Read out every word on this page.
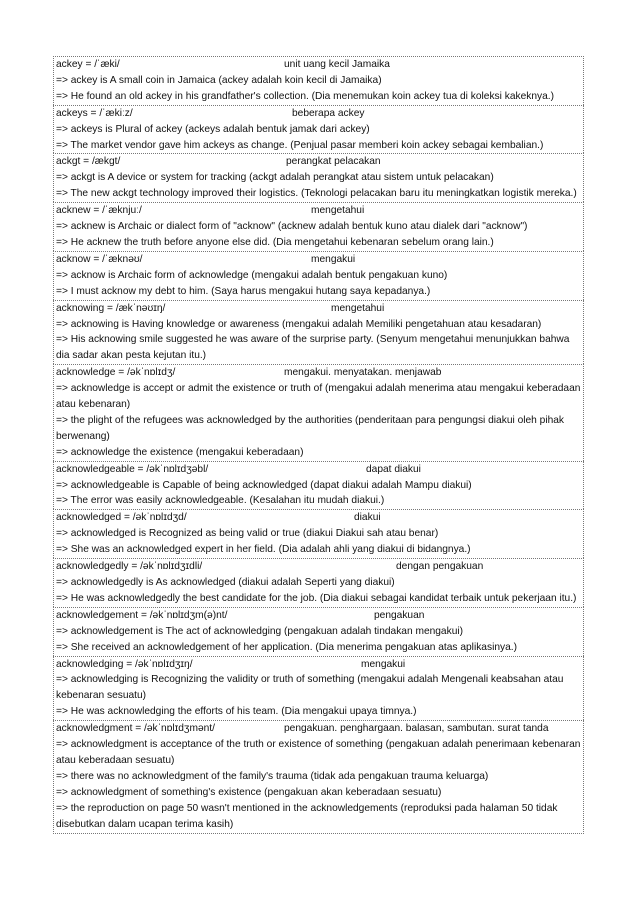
ackey = /ˈæki/	unit uang kecil Jamaika
=> ackey is A small coin in Jamaica (ackey adalah koin kecil di Jamaika)
=> He found an old ackey in his grandfather's collection. (Dia menemukan koin ackey tua di koleksi kakeknya.)
ackeys = /ˈækiːz/	beberapa ackey
=> ackeys is Plural of ackey (ackeys adalah bentuk jamak dari ackey)
=> The market vendor gave him ackeys as change. (Penjual pasar memberi koin ackey sebagai kembalian.)
ackgt = /ækgt/	perangkat pelacakan
=> ackgt is A device or system for tracking (ackgt adalah perangkat atau sistem untuk pelacakan)
=> The new ackgt technology improved their logistics. (Teknologi pelacakan baru itu meningkatkan logistik mereka.)
acknew = /ˈæknjuː/	mengetahui
=> acknew is Archaic or dialect form of "acknow" (acknew adalah bentuk kuno atau dialek dari "acknow")
=> He acknew the truth before anyone else did. (Dia mengetahui kebenaran sebelum orang lain.)
acknow = /ˈæknəʊ/	mengakui
=> acknow is Archaic form of acknowledge (mengakui adalah bentuk pengakuan kuno)
=> I must acknow my debt to him. (Saya harus mengakui hutang saya kepadanya.)
acknowing = /ækˈnəʊɪŋ/	mengetahui
=> acknowing is Having knowledge or awareness (mengakui adalah Memiliki pengetahuan atau kesadaran)
=> His acknowing smile suggested he was aware of the surprise party. (Senyum mengetahui menunjukkan bahwa dia sadar akan pesta kejutan itu.)
acknowledge = /əkˈnɒlɪdʒ/	mengakui. menyatakan. menjawab
=> acknowledge is accept or admit the existence or truth of (mengakui adalah menerima atau mengakui keberadaan atau kebenaran)
=> the plight of the refugees was acknowledged by the authorities (penderitaan para pengungsi diakui oleh pihak berwenang)
=> acknowledge the existence (mengakui keberadaan)
acknowledgeable = /əkˈnɒlɪdʒəbl/	dapat diakui
=> acknowledgeable is Capable of being acknowledged (dapat diakui adalah Mampu diakui)
=> The error was easily acknowledgeable. (Kesalahan itu mudah diakui.)
acknowledged = /əkˈnɒlɪdʒd/	diakui
=> acknowledged is Recognized as being valid or true (diakui Diakui sah atau benar)
=> She was an acknowledged expert in her field. (Dia adalah ahli yang diakui di bidangnya.)
acknowledgedly = /əkˈnɒlɪdʒɪdli/	dengan pengakuan
=> acknowledgedly is As acknowledged (diakui adalah Seperti yang diakui)
=> He was acknowledgedly the best candidate for the job. (Dia diakui sebagai kandidat terbaik untuk pekerjaan itu.)
acknowledgement = /əkˈnɒlɪdʒm(ə)nt/	pengakuan
=> acknowledgement is The act of acknowledging (pengakuan adalah tindakan mengakui)
=> She received an acknowledgement of her application. (Dia menerima pengakuan atas aplikasinya.)
acknowledging = /əkˈnɒlɪdʒɪŋ/	mengakui
=> acknowledging is Recognizing the validity or truth of something (mengakui adalah Mengenali keabsahan atau kebenaran sesuatu)
=> He was acknowledging the efforts of his team. (Dia mengakui upaya timnya.)
acknowledgment = /əkˈnɒlɪdʒmənt/	pengakuan. penghargaan. balasan, sambutan. surat tanda
=> acknowledgment is acceptance of the truth or existence of something (pengakuan adalah penerimaan kebenaran atau keberadaan sesuatu)
=> there was no acknowledgment of the family's trauma (tidak ada pengakuan trauma keluarga)
=> acknowledgment of something's existence (pengakuan akan keberadaan sesuatu)
=> the reproduction on page 50 wasn't mentioned in the acknowledgements (reproduksi pada halaman 50 tidak disebutkan dalam ucapan terima kasih)
